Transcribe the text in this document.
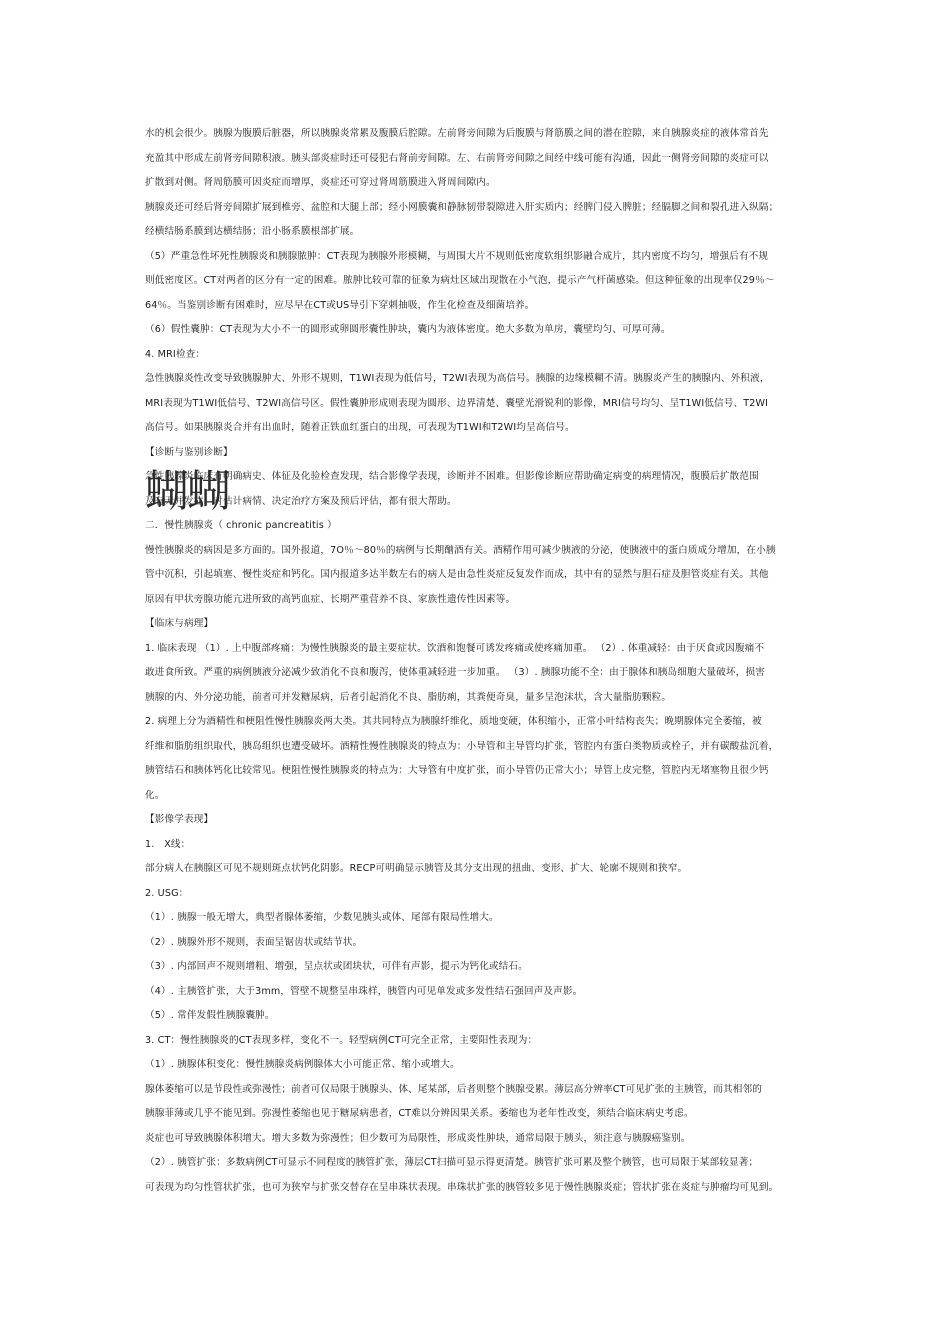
水的机会很少。胰腺为腹膜后脏器，所以胰腺炎常累及腹膜后腔隙。左前肾旁间隙为后腹膜与肾筋膜之间的潜在腔隙，来自胰腺炎症的液体常首先
充盈其中形成左前肾旁间隙积液。胰头部炎症时还可侵犯右肾前旁间隙。左、右前肾旁间隙之间经中线可能有沟通，因此一侧肾旁间隙的炎症可以
扩散到对侧。肾周筋膜可因炎症而增厚，炎症还可穿过肾周筋膜进入肾周间隙内。
胰腺炎还可经后肾旁间隙扩展到椎旁、盆腔和大腿上部；经小网膜囊和静脉韧带裂隙进入肝实质内；经脾门侵入脾脏；经膈脚之间和裂孔进入纵隔；
经横结肠系膜到达横结肠；沿小肠系膜根部扩展。
（5）严重急性坏死性胰腺炎和胰腺脓肿：CT表现为胰腺外形模糊，与周围大片不规则低密度软组织影融合成片，其内密度不均匀，增强后有不规
则低密度区。CT对两者的区分有一定的困难。脓肿比较可靠的征象为病灶区域出现散在小气泡，提示产气杆菌感染。但这种征象的出现率仅29％～
64％。当鉴别诊断有困难时，应尽早在CT或US导引下穿刺抽吸，作生化检查及细菌培养。
（6）假性囊肿：CT表现为大小不一的圆形或卵圆形囊性肿块，囊内为液体密度。绝大多数为单房，囊壁均匀、可厚可薄。
4. MRI检查：
急性胰腺炎性改变导致胰腺肿大、外形不规则，T1WI表现为低信号，T2WI表现为高信号。胰腺的边缘模糊不清。胰腺炎产生的胰腺内、外积液，
MRI表现为T1WI低信号、T2WI高信号区。假性囊肿形成则表现为圆形、边界清楚、囊壁光滑锐利的影像，MRI信号均匀、呈T1WI低信号、T2WI
高信号。如果胰腺炎合并有出血时，随着正铁血红蛋白的出现，可表现为T1WI和T2WI均呈高信号。
【诊断与鉴别诊断】
急性胰腺炎临床有明确病史、体征及化验检查发现，结合影像学表现，诊断并不困难。但影像诊断应帮助确定病变的病理情况，腹膜后扩散范围
及有无并发症，对估计病情、决定治疗方案及预后评估，都有很大帮助。
二．慢性胰腺炎（ chronic pancreatitis ）
慢性胰腺炎的病因是多方面的。国外报道，7O％～80％的病例与长期酗酒有关。酒精作用可减少胰液的分泌，使胰液中的蛋白质成分增加，在小胰
管中沉积，引起填塞、慢性炎症和钙化。国内报道多达半数左右的病人是由急性炎症反复发作而成，其中有的显然与胆石症及胆管炎症有关。其他
原因有甲状旁腺功能亢进所致的高钙血症、长期严重营养不良、家族性遗传性因素等。
【临床与病理】
1. 临床表现 （1）. 上中腹部疼痛：为慢性胰腺炎的最主要症状。饮酒和饱餐可诱发疼痛或使疼痛加重。 （2）. 体重减轻：由于厌食或因腹痛不
敢进食所致。严重的病例胰液分泌减少致消化不良和腹泻，使体重减轻进一步加重。 （3）. 胰腺功能不全：由于腺体和胰岛细胞大量破坏，损害
胰腺的内、外分泌功能，前者可并发糖尿病，后者引起消化不良、脂肪痢，其粪便奇臭，量多呈泡沫状，含大量脂肪颗粒。
2. 病理上分为酒精性和梗阻性慢性胰腺炎两大类。其共同特点为胰腺纤维化，质地变硬，体积缩小，正常小叶结构丧失；晚期腺体完全萎缩，被
纤维和脂肪组织取代，胰岛组织也遭受破坏。酒精性慢性胰腺炎的特点为：小导管和主导管均扩张，管腔内有蛋白类物质或栓子，并有碳酸盐沉着，
胰管结石和胰体钙化比较常见。梗阻性慢性胰腺炎的特点为：大导管有中度扩张，而小导管仍正常大小；导管上皮完整，管腔内无堵塞物且很少钙
化。
【影像学表现】
1.　X线：
部分病人在胰腺区可见不规则斑点状钙化阴影。RECP可明确显示胰管及其分支出现的扭曲、变形、扩大、轮廓不规则和狭窄。
2. USG：
（1）. 胰腺一般无增大，典型者腺体萎缩，少数见胰头或体、尾部有限局性增大。
（2）. 胰腺外形不规则，表面呈锯齿状或结节状。
（3）. 内部回声不规则增粗、增强，呈点状或团块状，可伴有声影，提示为钙化或结石。
（4）. 主胰管扩张，大于3mm，管壁不规整呈串珠样，胰管内可见单发或多发性结石强回声及声影。
（5）. 常伴发假性胰腺囊肿。
3. CT：慢性胰腺炎的CT表现多样，变化不一。轻型病例CT可完全正常，主要阳性表现为：
（1）. 胰腺体积变化：慢性胰腺炎病例腺体大小可能正常、缩小或增大。
腺体萎缩可以是节段性或弥漫性；前者可仅局限于胰腺头、体、尾某部，后者则整个胰腺受累。薄层高分辨率CT可见扩张的主胰管，而其相邻的
胰腺菲薄或几乎不能见到。弥漫性萎缩也见于糖尿病患者，CT难以分辨因果关系。萎缩也为老年性改变，须结合临床病史考虑。
炎症也可导致胰腺体积增大。增大多数为弥漫性；但少数可为局限性，形成炎性肿块，通常局限于胰头，须注意与胰腺癌鉴别。
（2）. 胰管扩张：多数病例CT可显示不同程度的胰管扩张，薄层CT扫描可显示得更清楚。胰管扩张可累及整个胰管，也可局限于某部较显著；
可表现为均匀性管状扩张，也可为狭窄与扩张交替存在呈串珠状表现。串珠状扩张的胰管较多见于慢性胰腺炎症；管状扩张在炎症与肿瘤均可见到。
蝴蝴
